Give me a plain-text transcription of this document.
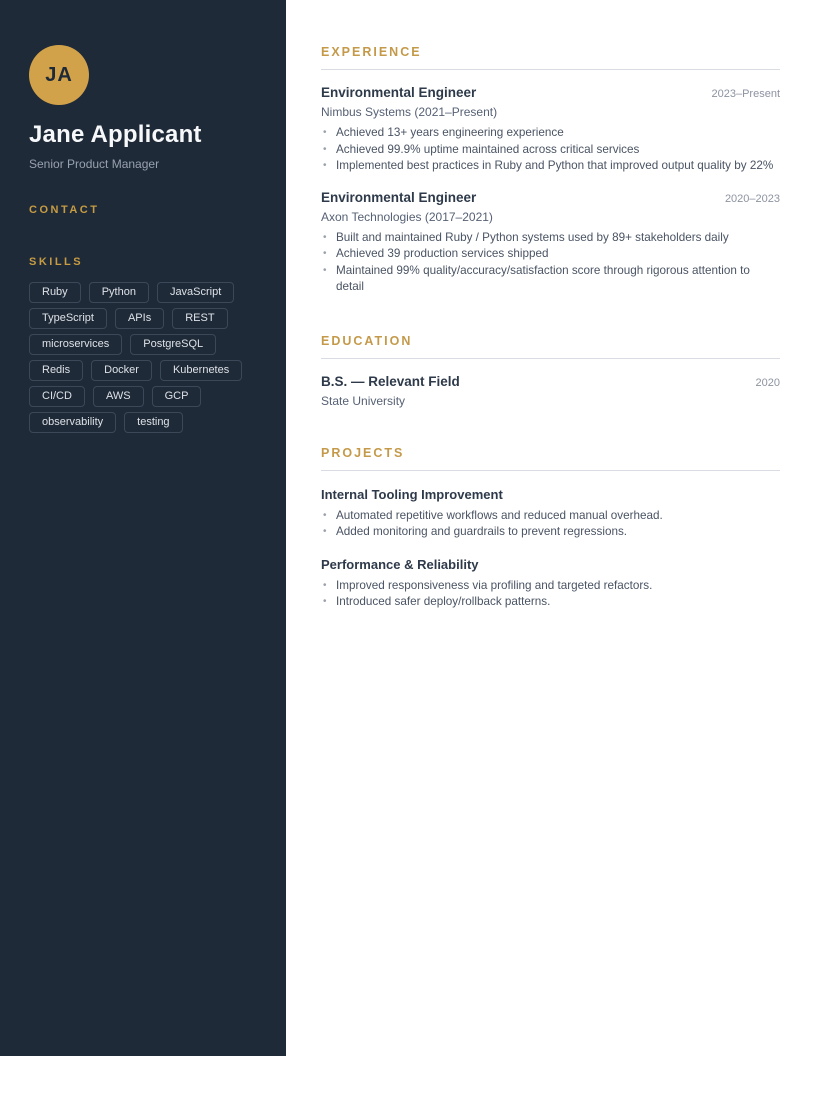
JA
Jane Applicant
Senior Product Manager
CONTACT
SKILLS
Ruby	Python	JavaScript
TypeScript	APIs	REST
microservices	PostgreSQL
Redis	Docker	Kubernetes
CI/CD	AWS	GCP
observability	testing
EXPERIENCE
Environmental Engineer	2023–Present
Nimbus Systems (2021–Present)
• Achieved 13+ years engineering experience
• Achieved 99.9% uptime maintained across critical services
• Implemented best practices in Ruby and Python that improved output quality by 22%
Environmental Engineer	2020–2023
Axon Technologies (2017–2021)
• Built and maintained Ruby / Python systems used by 89+ stakeholders daily
• Achieved 39 production services shipped
• Maintained 99% quality/accuracy/satisfaction score through rigorous attention to detail
EDUCATION
B.S. — Relevant Field	2020
State University
PROJECTS
Internal Tooling Improvement
• Automated repetitive workflows and reduced manual overhead.
• Added monitoring and guardrails to prevent regressions.
Performance & Reliability
• Improved responsiveness via profiling and targeted refactors.
• Introduced safer deploy/rollback patterns.
